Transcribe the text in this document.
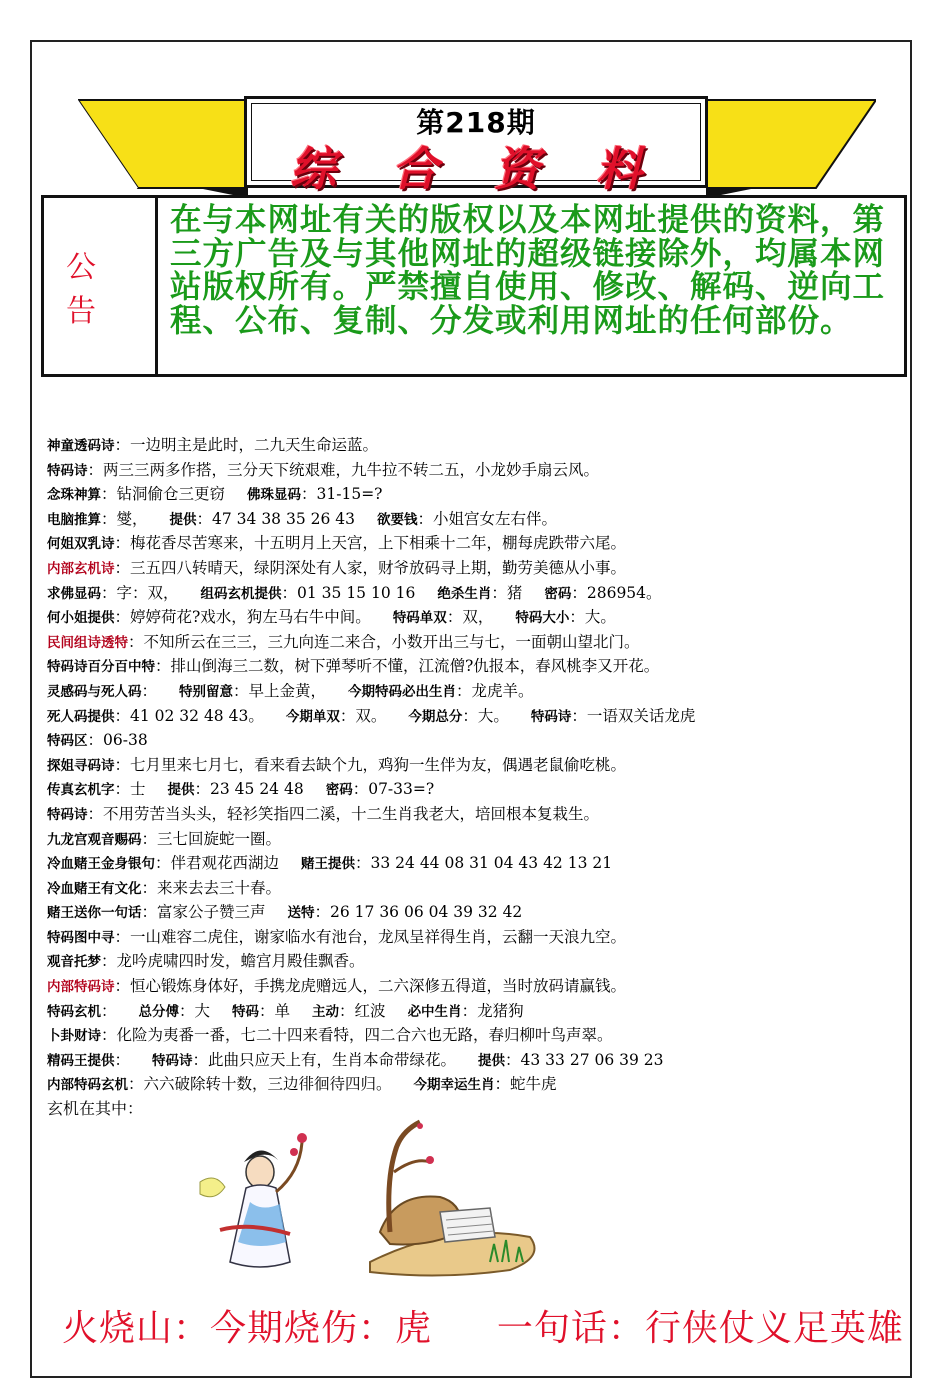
第218期
综 合 资 料
公告
在与本网址有关的版权以及本网址提供的资料，第三方广告及与其他网址的超级链接除外，均属本网站版权所有。严禁擅自使用、修改、解码、逆向工程、公布、复制、分发或利用网址的任何部份。
神童透码诗：一边明主是此时，二九天生命运蓝。
特码诗：两三三两多作搭，三分天下统艰难，九牛拉不转二五，小龙妙手扇云风。
念珠神算：钻洞偷仓三更窃 佛珠显码：31-15=?
电脑推算：燮， 提供：47 34 38 35 26 43 欲要钱：小姐宫女左右伴。
何姐双乳诗：梅花香尽苦寒来，十五明月上天宫，上下相乘十二年，棚每虎跌带六尾。
内部玄机诗：三五四八转晴天，绿阴深处有人家，财爷放码寻上期，勤劳美德从小事。
求佛显码：字：双， 组码玄机提供：01 35 15 10 16 绝杀生肖：猪 密码：286954。
何小姐提供：婷婷荷花?戏水，狗左马右牛中间。 特码单双：双， 特码大小：大。
民间组诗透特：不知所云在三三，三九向连二来合，小数开出三与七，一面朝山望北门。
特码诗百分百中特：排山倒海三二数，树下弹琴听不懂，江流僧?仇报本，春风桃李又开花。
灵感码与死人码： 特别留意：早上金黄， 今期特码必出生肖：龙虎羊。
死人码提供：41 02 32 48 43。 今期单双：双。 今期总分：大。 特码诗：一语双关话龙虎
特码区：06-38
探姐寻码诗：七月里来七月七，看来看去缺个九，鸡狗一生伴为友，偶遇老鼠偷吃桃。
传真玄机字：士 提供：23 45 24 48 密码：07-33=?
特码诗：不用劳苦当头头，轻衫笑指四二溪，十二生肖我老大，培回根本复栽生。
九龙宫观音赐码：三七回旋蛇一圈。
冷血赌王金身银句：伴君观花西湖边 赌王提供：33 24 44 08 31 04 43 42 13 21
冷血赌王有文化：来来去去三十春。
赌王送你一句话：富家公子赞三声 送特：26 17 36 06 04 39 32 42
特码图中寻：一山难容二虎住，谢家临水有池台，龙凤呈祥得生肖，云翻一天浪九空。
观音托梦：龙吟虎啸四时发，蟾宫月殿佳飘香。
内部特码诗：恒心锻炼身体好，手携龙虎赠远人，二六深修五得道，当时放码请赢钱。
特码玄机： 总分傅：大 特码：单 主动：红波 必中生肖：龙猪狗
卜卦财诗：化险为夷番一番，七二十四来看特，四二合六也无路，春归柳叶鸟声翠。
精码王提供： 特码诗：此曲只应天上有，生肖本命带绿花。 提供：43 33 27 06 39 23
内部特码玄机：六六破除转十数，三边徘徊待四归。 今期幸运生肖：蛇牛虎
玄机在其中：
火烧山：今期烧伤：虎 一句话：行侠仗义足英雄
